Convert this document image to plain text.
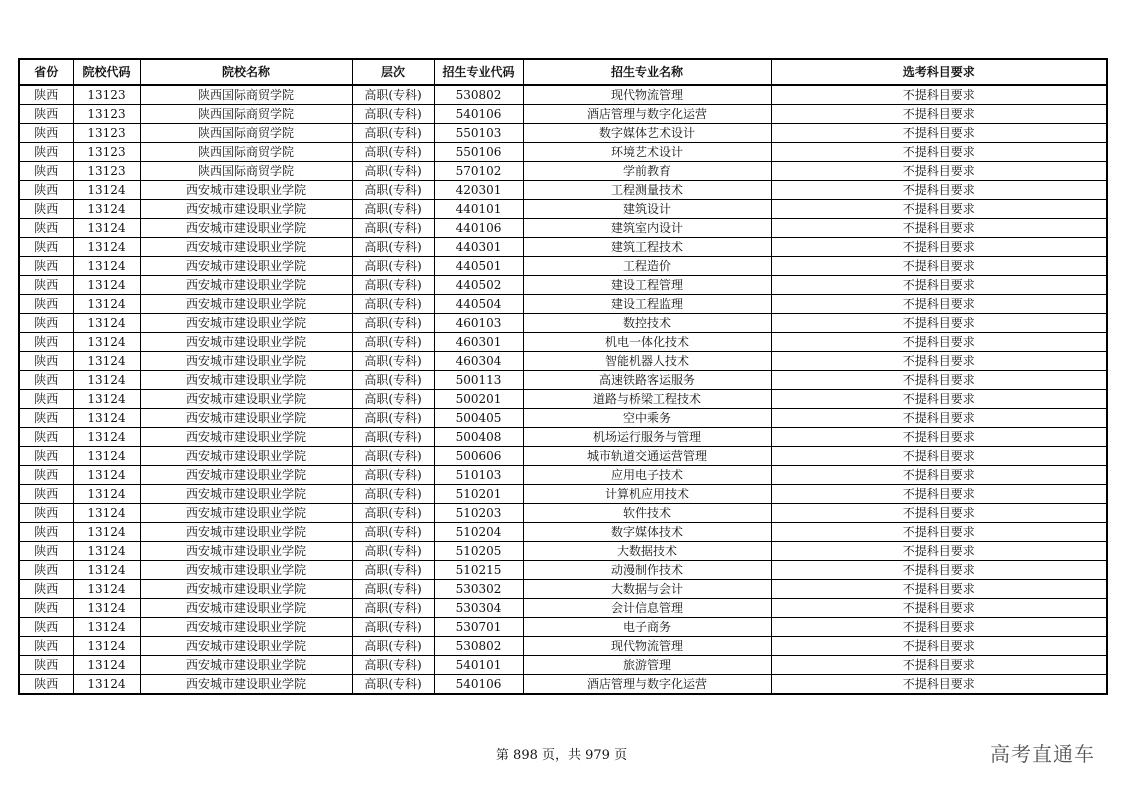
省份	院校代码	院校名称	层次	招生专业代码	招生专业名称	选考科目要求
陕西	13123	陕西国际商贸学院	高职(专科)	530802	现代物流管理	不提科目要求
陕西	13123	陕西国际商贸学院	高职(专科)	540106	酒店管理与数字化运营	不提科目要求
陕西	13123	陕西国际商贸学院	高职(专科)	550103	数字媒体艺术设计	不提科目要求
陕西	13123	陕西国际商贸学院	高职(专科)	550106	环境艺术设计	不提科目要求
陕西	13123	陕西国际商贸学院	高职(专科)	570102	学前教育	不提科目要求
陕西	13124	西安城市建设职业学院	高职(专科)	420301	工程测量技术	不提科目要求
陕西	13124	西安城市建设职业学院	高职(专科)	440101	建筑设计	不提科目要求
陕西	13124	西安城市建设职业学院	高职(专科)	440106	建筑室内设计	不提科目要求
陕西	13124	西安城市建设职业学院	高职(专科)	440301	建筑工程技术	不提科目要求
陕西	13124	西安城市建设职业学院	高职(专科)	440501	工程造价	不提科目要求
陕西	13124	西安城市建设职业学院	高职(专科)	440502	建设工程管理	不提科目要求
陕西	13124	西安城市建设职业学院	高职(专科)	440504	建设工程监理	不提科目要求
陕西	13124	西安城市建设职业学院	高职(专科)	460103	数控技术	不提科目要求
陕西	13124	西安城市建设职业学院	高职(专科)	460301	机电一体化技术	不提科目要求
陕西	13124	西安城市建设职业学院	高职(专科)	460304	智能机器人技术	不提科目要求
陕西	13124	西安城市建设职业学院	高职(专科)	500113	高速铁路客运服务	不提科目要求
陕西	13124	西安城市建设职业学院	高职(专科)	500201	道路与桥梁工程技术	不提科目要求
陕西	13124	西安城市建设职业学院	高职(专科)	500405	空中乘务	不提科目要求
陕西	13124	西安城市建设职业学院	高职(专科)	500408	机场运行服务与管理	不提科目要求
陕西	13124	西安城市建设职业学院	高职(专科)	500606	城市轨道交通运营管理	不提科目要求
陕西	13124	西安城市建设职业学院	高职(专科)	510103	应用电子技术	不提科目要求
陕西	13124	西安城市建设职业学院	高职(专科)	510201	计算机应用技术	不提科目要求
陕西	13124	西安城市建设职业学院	高职(专科)	510203	软件技术	不提科目要求
陕西	13124	西安城市建设职业学院	高职(专科)	510204	数字媒体技术	不提科目要求
陕西	13124	西安城市建设职业学院	高职(专科)	510205	大数据技术	不提科目要求
陕西	13124	西安城市建设职业学院	高职(专科)	510215	动漫制作技术	不提科目要求
陕西	13124	西安城市建设职业学院	高职(专科)	530302	大数据与会计	不提科目要求
陕西	13124	西安城市建设职业学院	高职(专科)	530304	会计信息管理	不提科目要求
陕西	13124	西安城市建设职业学院	高职(专科)	530701	电子商务	不提科目要求
陕西	13124	西安城市建设职业学院	高职(专科)	530802	现代物流管理	不提科目要求
陕西	13124	西安城市建设职业学院	高职(专科)	540101	旅游管理	不提科目要求
陕西	13124	西安城市建设职业学院	高职(专科)	540106	酒店管理与数字化运营	不提科目要求
第 898 页，共 979 页	高考直通车
